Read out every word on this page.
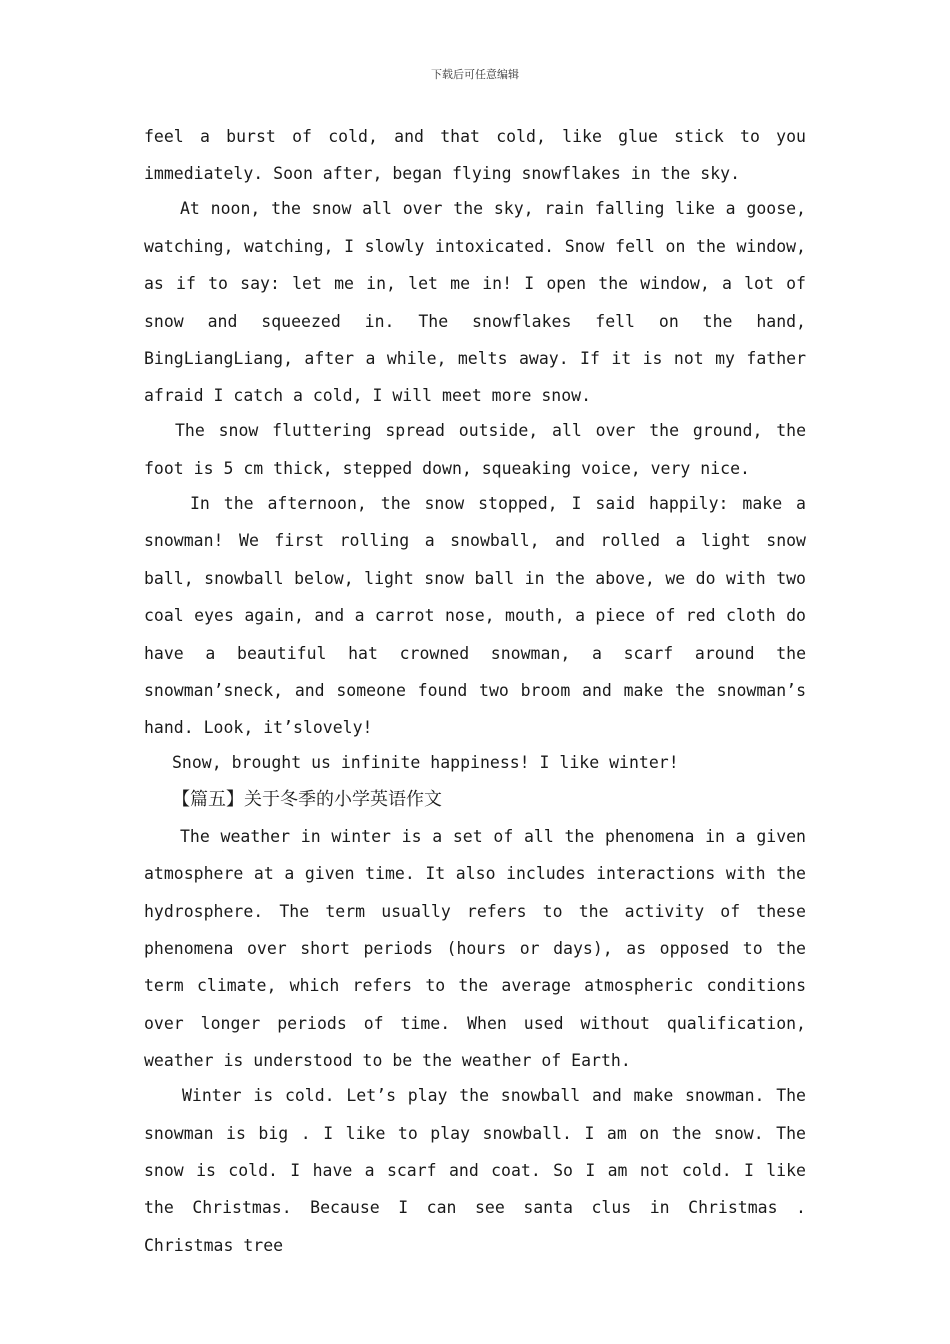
下载后可任意编辑

feel a burst of cold, and that cold, like glue stick to you immediately. Soon after, began flying snowflakes in the sky.

At noon, the snow all over the sky, rain falling like a goose, watching, watching, I slowly intoxicated. Snow fell on the window, as if to say: let me in, let me in! I open the window, a lot of snow and squeezed in. The snowflakes fell on the hand, BingLiangLiang, after a while, melts away. If it is not my father afraid I catch a cold, I will meet more snow.

The snow fluttering spread outside, all over the ground, the foot is 5 cm thick, stepped down, squeaking voice, very nice.

In the afternoon, the snow stopped, I said happily: make a snowman! We first rolling a snowball, and rolled a light snow ball, snowball below, light snow ball in the above, we do with two coal eyes again, and a carrot nose, mouth, a piece of red cloth do have a beautiful hat crowned snowman, a scarf around the snowman’sneck, and someone found two broom and make the snowman’s hand. Look, it’slovely!

Snow, brought us infinite happiness! I like winter!

【篇五】关于冬季的小学英语作文

The weather in winter is a set of all the phenomena in a given atmosphere at a given time. It also includes interactions with the hydrosphere. The term usually refers to the activity of these phenomena over short periods (hours or days), as opposed to the term climate, which refers to the average atmospheric conditions over longer periods of time. When used without qualification, weather is understood to be the weather of Earth.

Winter is cold. Let’s play the snowball and make snowman. The snowman is big . I like to play snowball. I am on the snow. The snow is cold. I have a scarf and coat. So I am not cold. I like the Christmas. Because I can see santa clus in Christmas . Christmas tree
